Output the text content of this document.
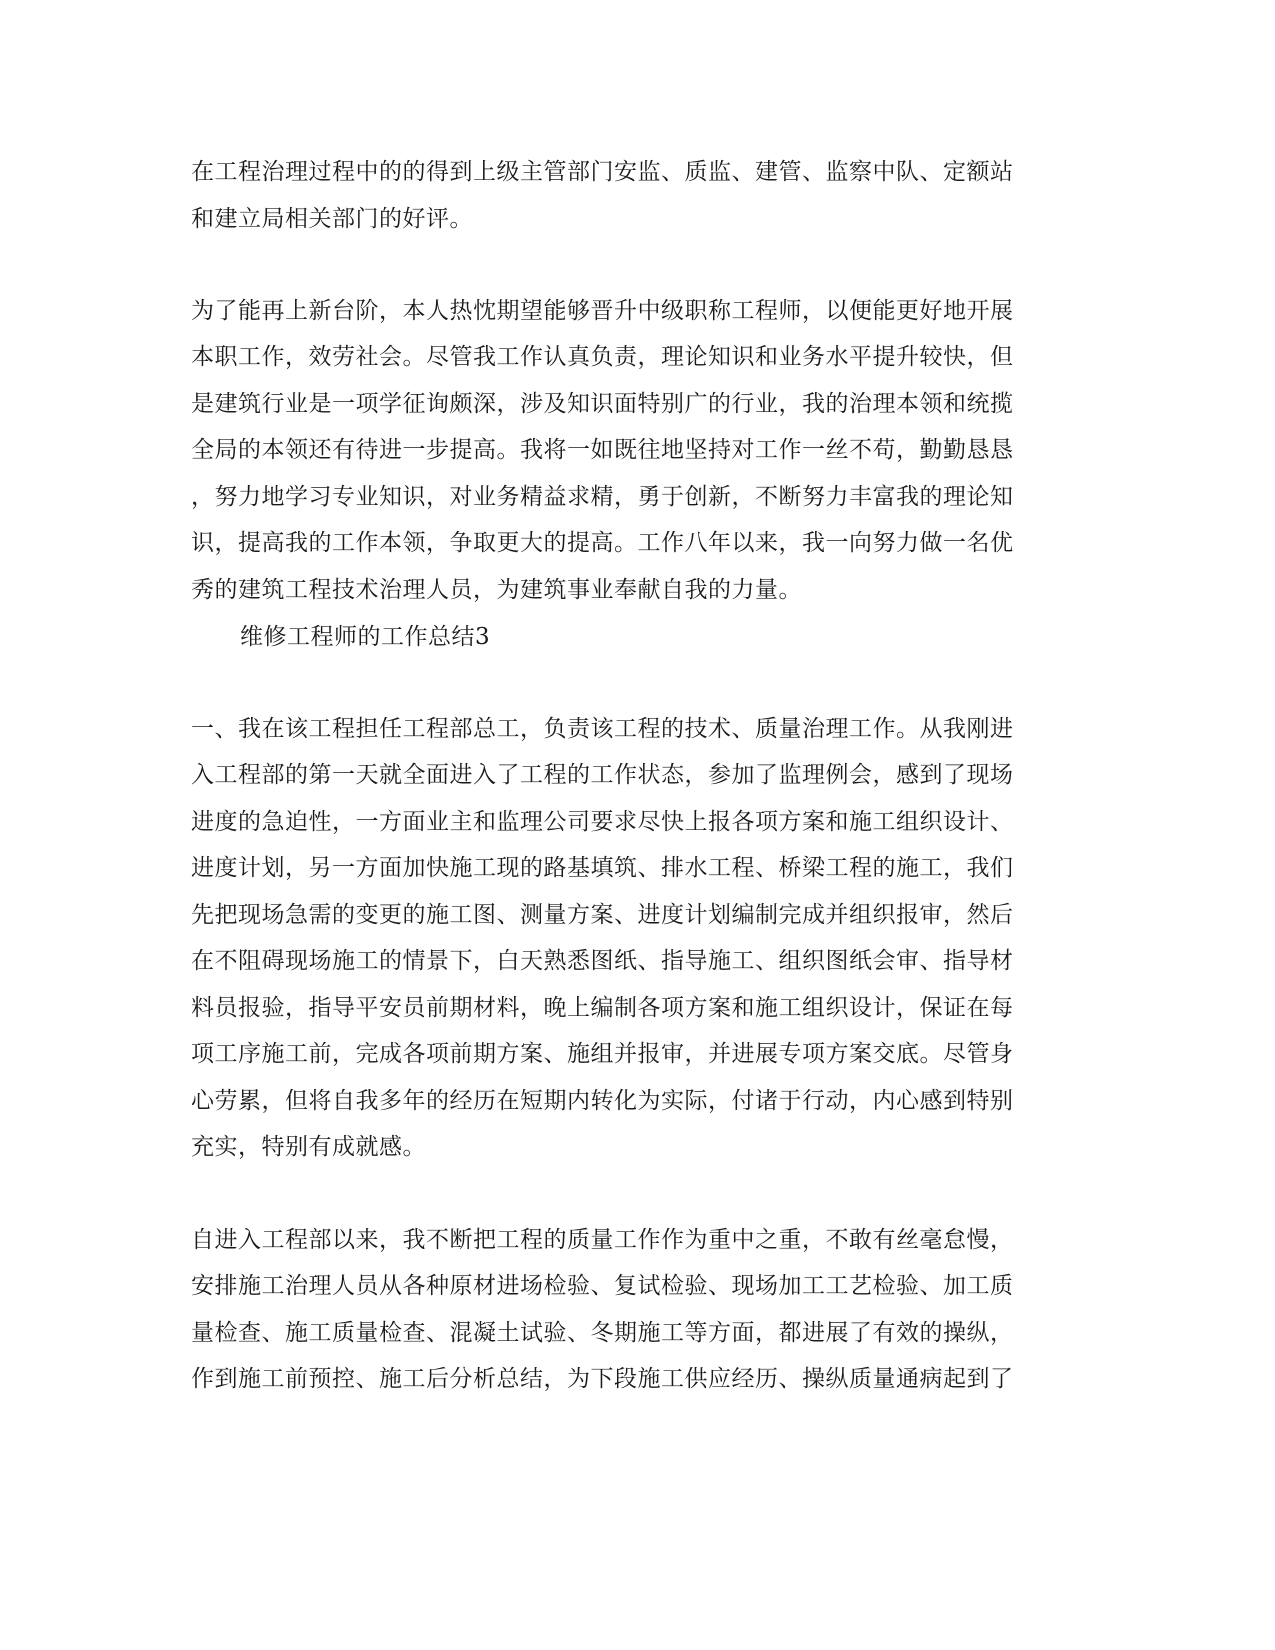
在工程治理过程中的的得到上级主管部门安监、质监、建管、监察中队、定额站
和建立局相关部门的好评。
为了能再上新台阶，本人热忱期望能够晋升中级职称工程师，以便能更好地开展
本职工作，效劳社会。尽管我工作认真负责，理论知识和业务水平提升较快，但
是建筑行业是一项学征询颇深，涉及知识面特别广的行业，我的治理本领和统揽
全局的本领还有待进一步提高。我将一如既往地坚持对工作一丝不苟，勤勤恳恳
，努力地学习专业知识，对业务精益求精，勇于创新，不断努力丰富我的理论知
识，提高我的工作本领，争取更大的提高。工作八年以来，我一向努力做一名优
秀的建筑工程技术治理人员，为建筑事业奉献自我的力量。
维修工程师的工作总结3
一、我在该工程担任工程部总工，负责该工程的技术、质量治理工作。从我刚进
入工程部的第一天就全面进入了工程的工作状态，参加了监理例会，感到了现场
进度的急迫性，一方面业主和监理公司要求尽快上报各项方案和施工组织设计、
进度计划，另一方面加快施工现的路基填筑、排水工程、桥梁工程的施工，我们
先把现场急需的变更的施工图、测量方案、进度计划编制完成并组织报审，然后
在不阻碍现场施工的情景下，白天熟悉图纸、指导施工、组织图纸会审、指导材
料员报验，指导平安员前期材料，晚上编制各项方案和施工组织设计，保证在每
项工序施工前，完成各项前期方案、施组并报审，并进展专项方案交底。尽管身
心劳累，但将自我多年的经历在短期内转化为实际，付诸于行动，内心感到特别
充实，特别有成就感。
自进入工程部以来，我不断把工程的质量工作作为重中之重，不敢有丝毫怠慢，
安排施工治理人员从各种原材进场检验、复试检验、现场加工工艺检验、加工质
量检查、施工质量检查、混凝土试验、冬期施工等方面，都进展了有效的操纵，
作到施工前预控、施工后分析总结，为下段施工供应经历、操纵质量通病起到了
